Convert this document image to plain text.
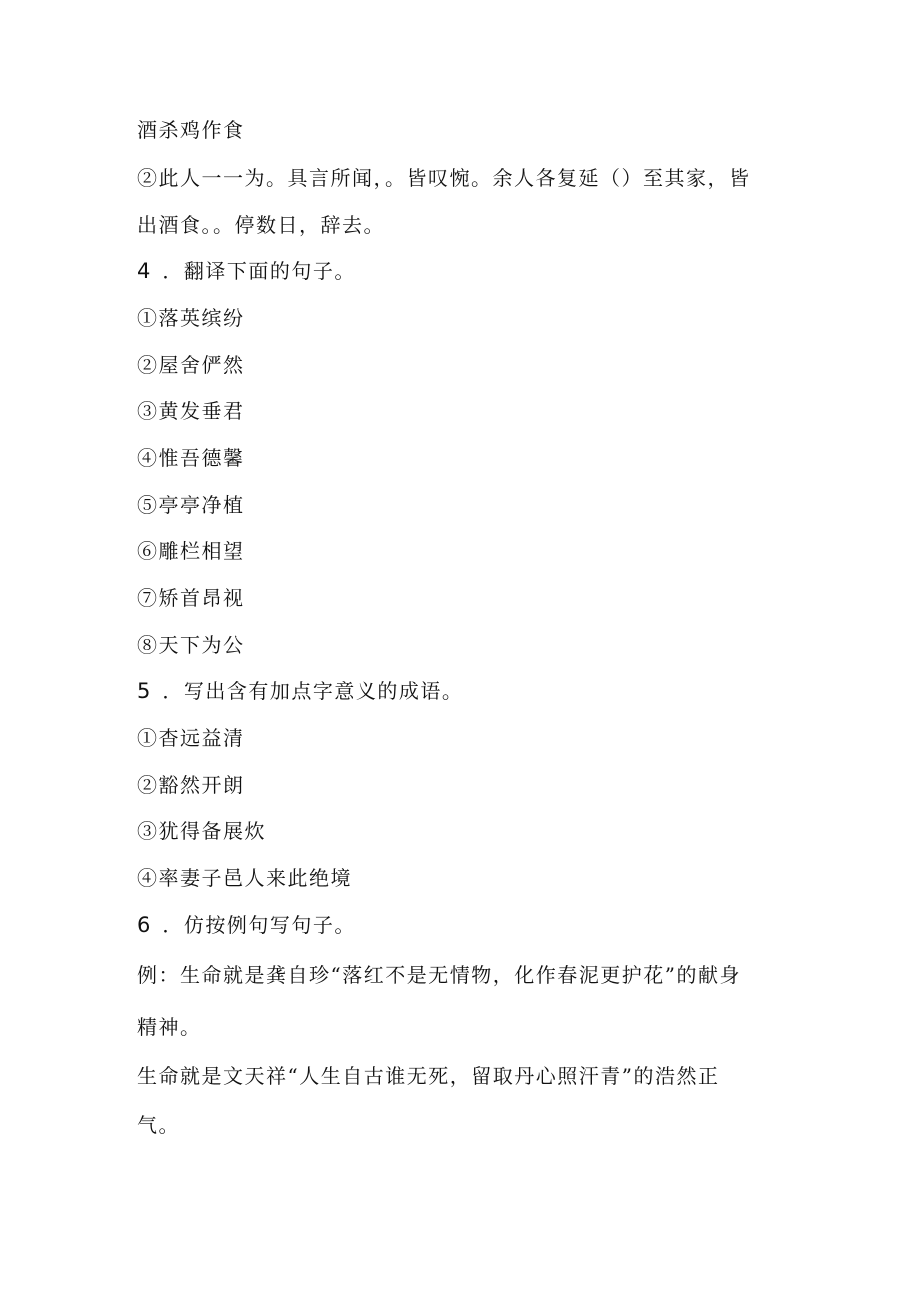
酒杀鸡作食
②此人一一为。具言所闻，。皆叹惋。余人各复延（）至其家，皆
出酒食。。停数日，辞去。
4 ．翻译下面的句子。
①落英缤纷
②屋舍俨然
③黄发垂君
④惟吾德馨
⑤亭亭净植
⑥雕栏相望
⑦矫首昂视
⑧天下为公
5 ．写出含有加点字意义的成语。
①杳远益清
②豁然开朗
③犹得备展炊
④率妻子邑人来此绝境
6 ．仿按例句写句子。
例：生命就是龚自珍“落红不是无情物，化作春泥更护花”的献身
精神。
生命就是文天祥“人生自古谁无死，留取丹心照汗青”的浩然正
气。
